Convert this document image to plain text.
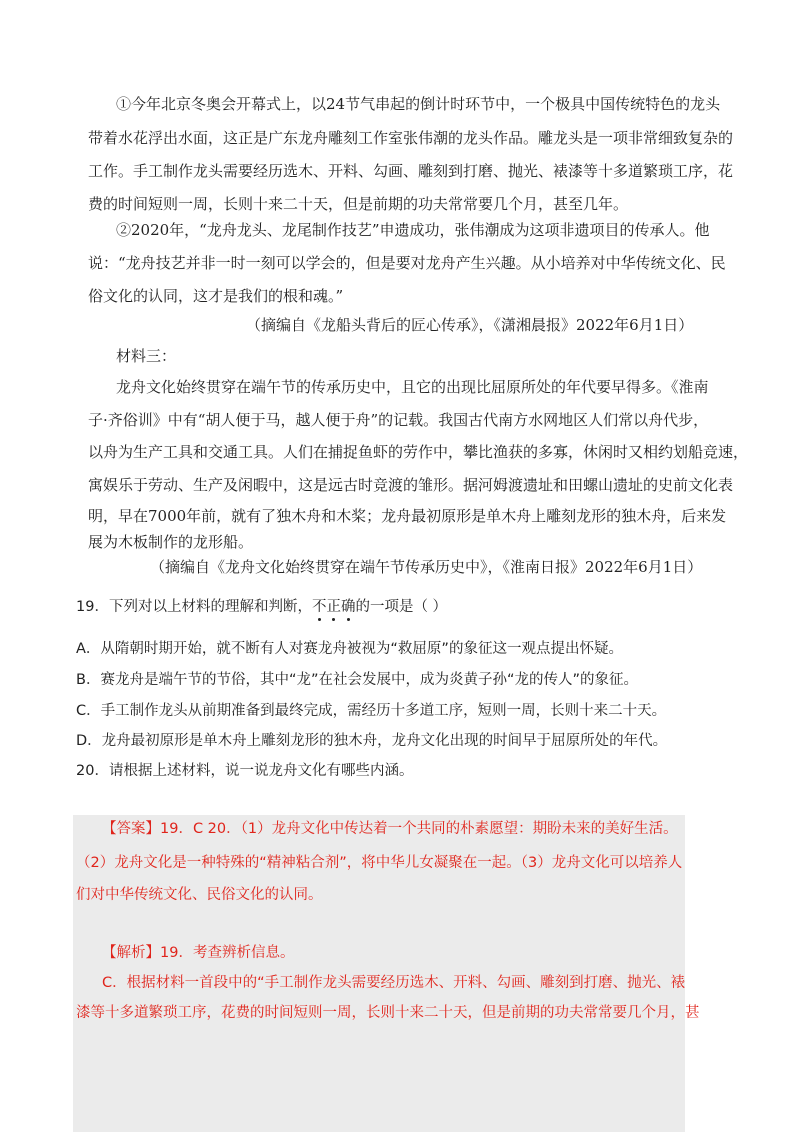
①今年北京冬奥会开幕式上，以24节气串起的倒计时环节中，一个极具中国传统特色的龙头
带着水花浮出水面，这正是广东龙舟雕刻工作室张伟潮的龙头作品。雕龙头是一项非常细致复杂的
工作。手工制作龙头需要经历选木、开料、勾画、雕刻到打磨、抛光、裱漆等十多道繁琐工序，花
费的时间短则一周，长则十来二十天，但是前期的功夫常常要几个月，甚至几年。
②2020年，“龙舟龙头、龙尾制作技艺”申遗成功，张伟潮成为这项非遗项目的传承人。他
说：“龙舟技艺并非一时一刻可以学会的，但是要对龙舟产生兴趣。从小培养对中华传统文化、民
俗文化的认同，这才是我们的根和魂。”
（摘编自《龙船头背后的匠心传承》，《潇湘晨报》2022年6月1日）
材料三：
龙舟文化始终贯穿在端午节的传承历史中，且它的出现比屈原所处的年代要早得多。《淮南
子·齐俗训》中有“胡人便于马，越人便于舟”的记载。我国古代南方水网地区人们常以舟代步，
以舟为生产工具和交通工具。人们在捕捉鱼虾的劳作中，攀比渔获的多寡，休闲时又相约划船竞速，
寓娱乐于劳动、生产及闲暇中，这是远古时竞渡的雏形。据河姆渡遗址和田螺山遗址的史前文化表
明，早在7000年前，就有了独木舟和木桨；龙舟最初原形是单木舟上雕刻龙形的独木舟，后来发
展为木板制作的龙形船。
（摘编自《龙舟文化始终贯穿在端午节传承历史中》，《淮南日报》2022年6月1日）
19．下列对以上材料的理解和判断，不正确的一项是（ ）
A．从隋朝时期开始，就不断有人对赛龙舟被视为“救屈原”的象征这一观点提出怀疑。
B．赛龙舟是端午节的节俗，其中“龙”在社会发展中，成为炎黄子孙“龙的传人”的象征。
C．手工制作龙头从前期准备到最终完成，需经历十多道工序，短则一周，长则十来二十天。
D．龙舟最初原形是单木舟上雕刻龙形的独木舟，龙舟文化出现的时间早于屈原所处的年代。
20．请根据上述材料，说一说龙舟文化有哪些内涵。
【答案】19．C 20．（1）龙舟文化中传达着一个共同的朴素愿望：期盼未来的美好生活。
（2）龙舟文化是一种特殊的“精神粘合剂”，将中华儿女凝聚在一起。（3）龙舟文化可以培养人
们对中华传统文化、民俗文化的认同。
【解析】19．考查辨析信息。
C．根据材料一首段中的“手工制作龙头需要经历选木、开料、勾画、雕刻到打磨、抛光、裱
漆等十多道繁琐工序，花费的时间短则一周，长则十来二十天，但是前期的功夫常常要几个月，甚
